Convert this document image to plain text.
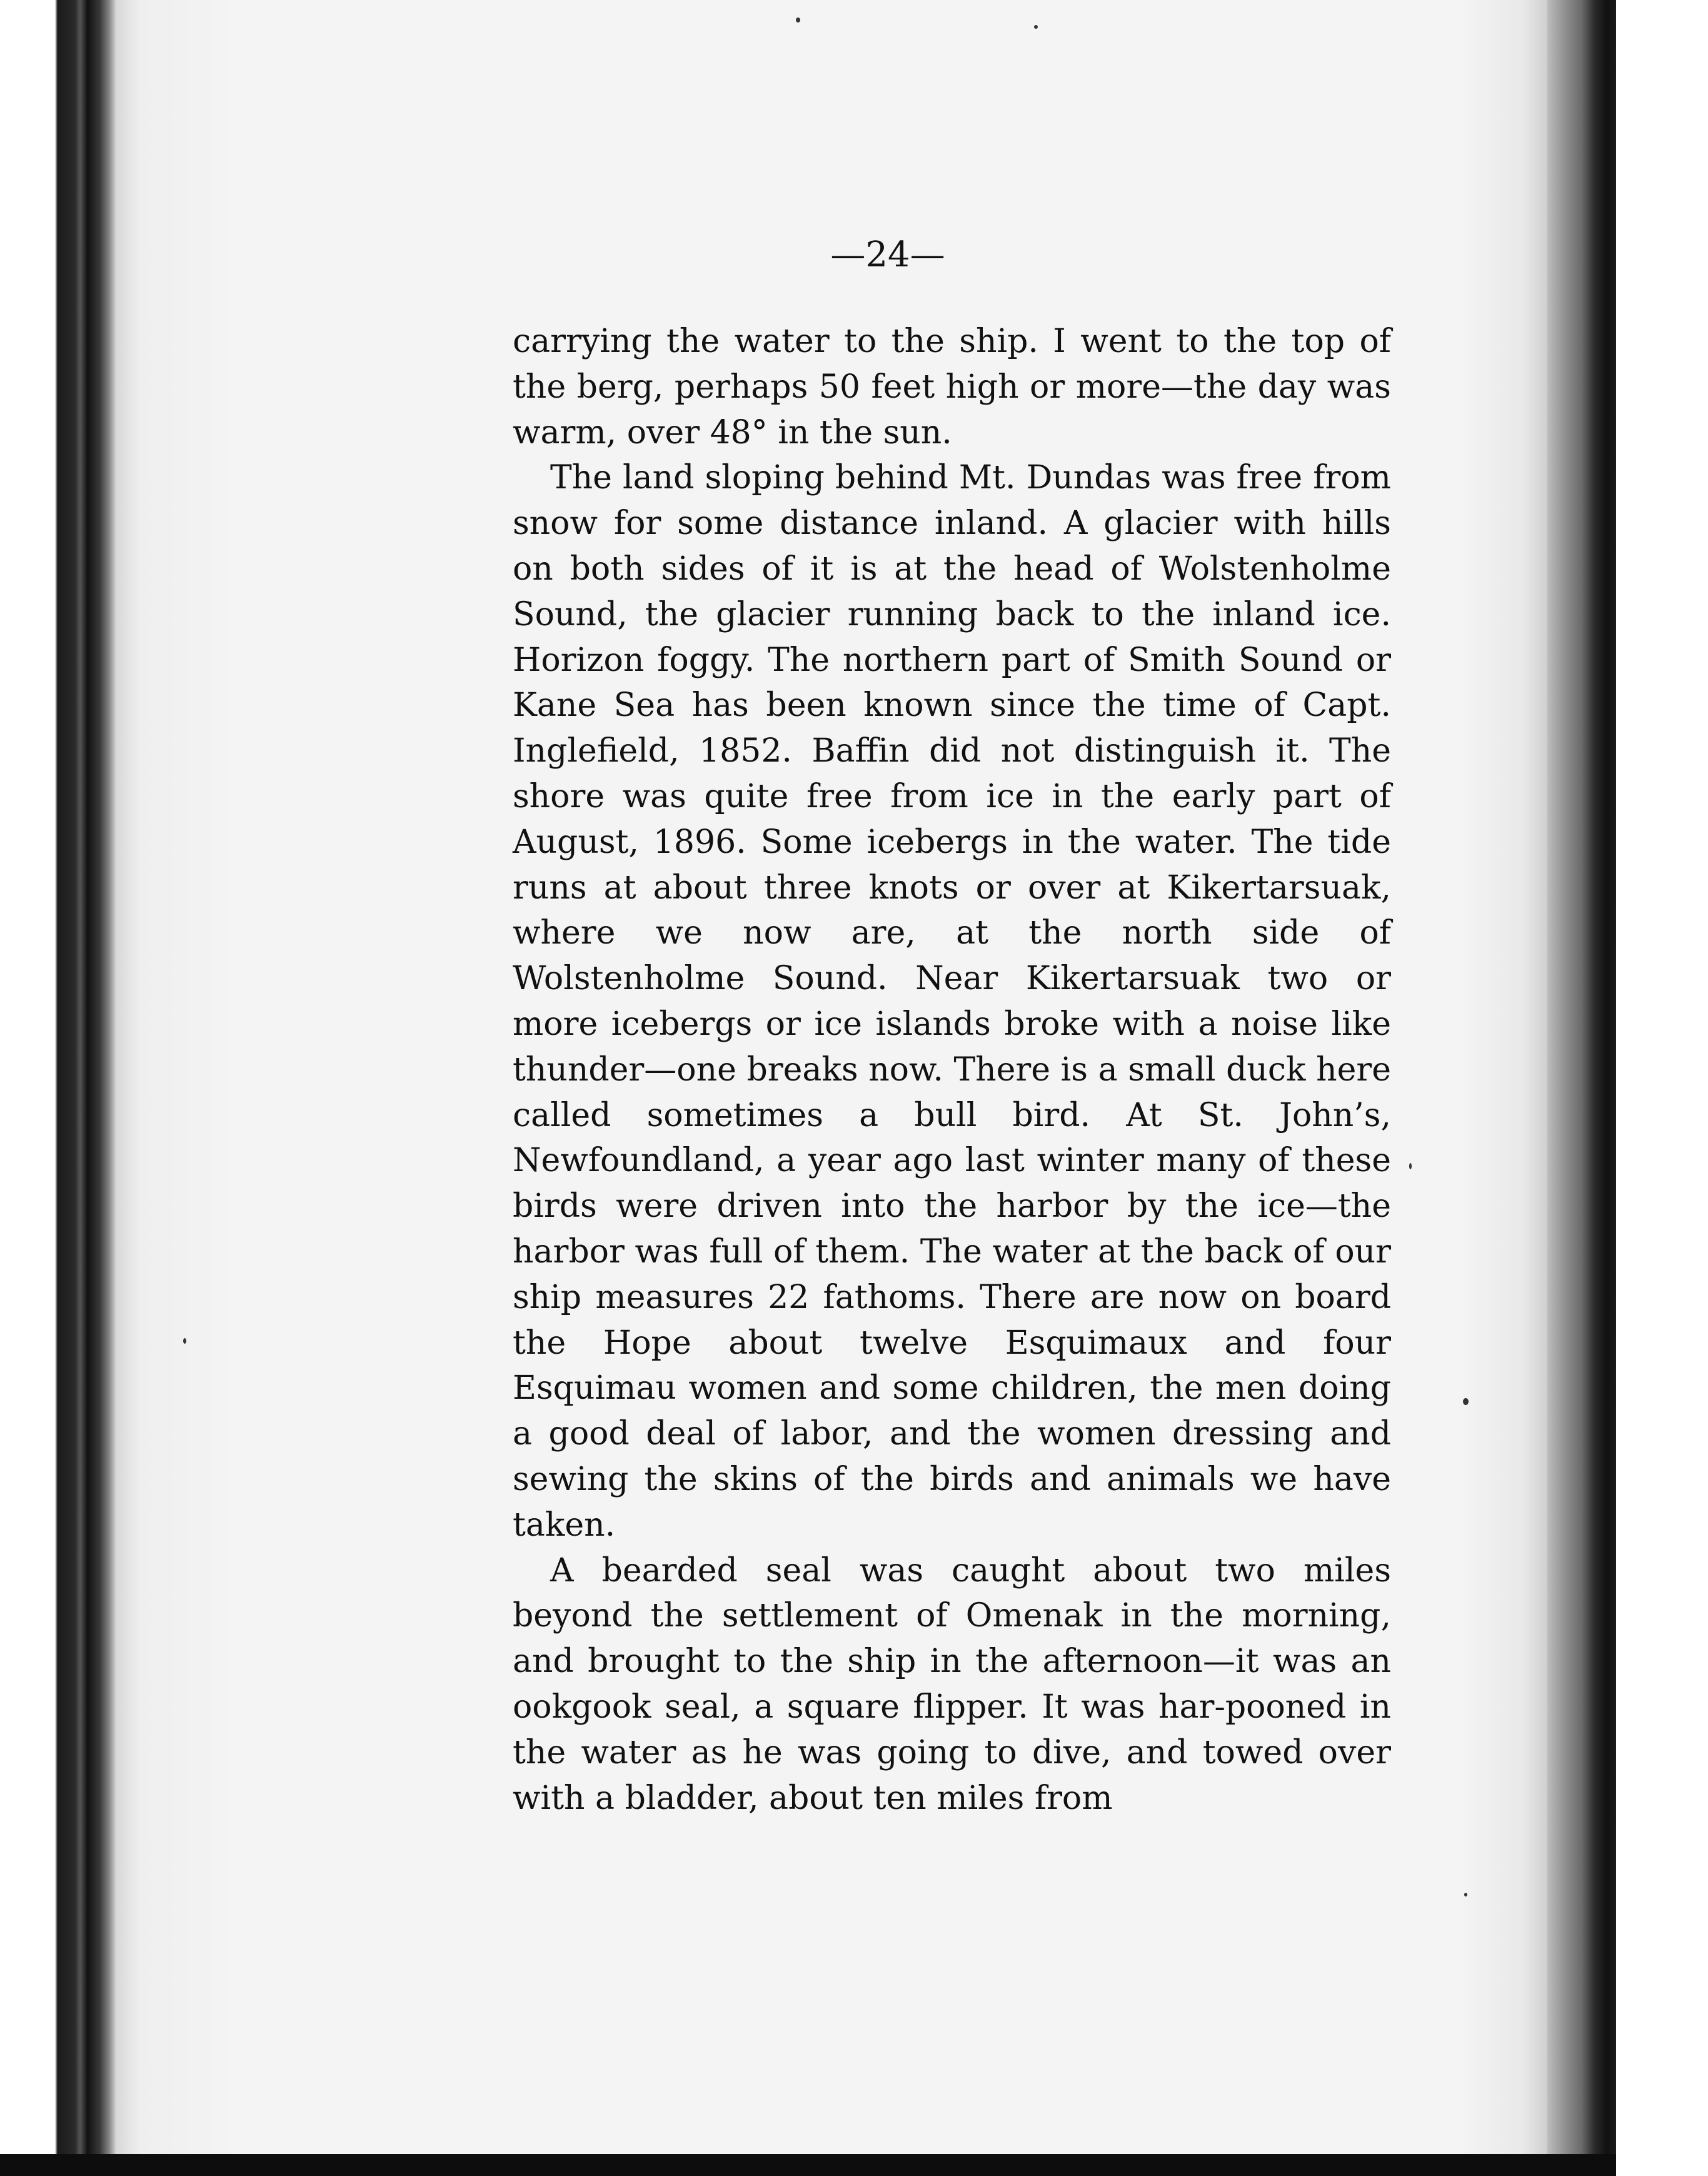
—24—

carrying the water to the ship. I went to the top of the berg, perhaps 50 feet high or more—the day was warm, over 48° in the sun.

The land sloping behind Mt. Dundas was free from snow for some distance inland. A glacier with hills on both sides of it is at the head of Wolstenholme Sound, the glacier running back to the inland ice. Horizon foggy. The northern part of Smith Sound or Kane Sea has been known since the time of Capt. Inglefield, 1852. Baffin did not distinguish it. The shore was quite free from ice in the early part of August, 1896. Some icebergs in the water. The tide runs at about three knots or over at Kikertarsuak, where we now are, at the north side of Wolstenholme Sound. Near Kikertarsuak two or more icebergs or ice islands broke with a noise like thunder—one breaks now. There is a small duck here called sometimes a bull bird. At St. John’s, Newfoundland, a year ago last winter many of these birds were driven into the harbor by the ice—the harbor was full of them. The water at the back of our ship measures 22 fathoms. There are now on board the Hope about twelve Esquimaux and four Esquimau women and some children, the men doing a good deal of labor, and the women dressing and sewing the skins of the birds and animals we have taken.

A bearded seal was caught about two miles beyond the settlement of Omenak in the morning, and brought to the ship in the afternoon—it was an ookgook seal, a square flipper. It was har-pooned in the water as he was going to dive, and towed over with a bladder, about ten miles from
